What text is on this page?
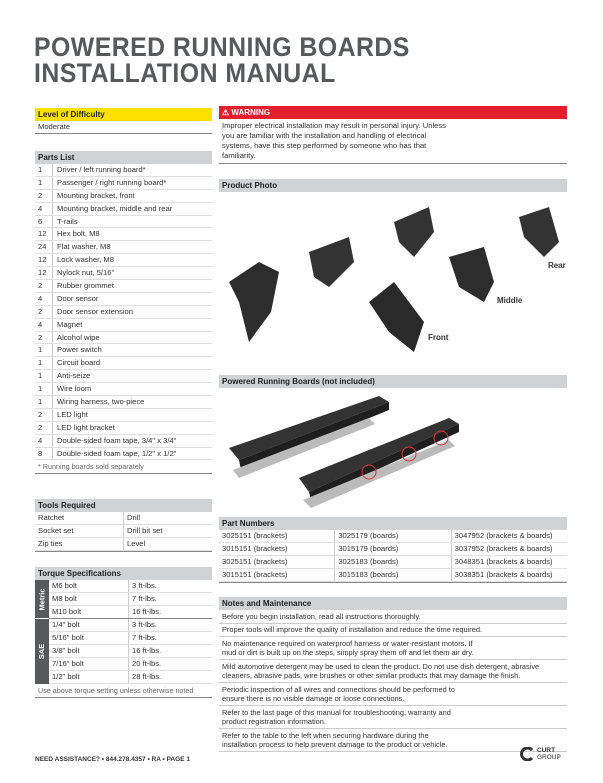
POWERED RUNNING BOARDS
INSTALLATION MANUAL
Level of Difficulty
Moderate
Parts List
1	Driver / left running board*
1	Passenger / right running board*
2	Mounting bracket, front
4	Mounting bracket, middle and rear
6	T-rails
12	Hex bolt, M8
24	Flat washer, M8
12	Lock washer, M8
12	Nylock nut, 5/16"
2	Rubber grommet
4	Door sensor
2	Door sensor extension
4	Magnet
2	Alcohol wipe
1	Power switch
1	Circuit board
1	Anti-seize
1	Wire loom
1	Wiring harness, two-piece
2	LED light
2	LED light bracket
4	Double-sided foam tape, 3/4" x 3/4"
8	Double-sided foam tape, 1/2" x 1/2"
* Running boards sold separately
Tools Required
Ratchet	Drill
Socket set	Drill bit set
Zip ties	Level
Torque Specifications
Metric
SAE
M6 bolt	3 ft-lbs.
M8 bolt	7 ft-lbs.
M10 bolt	16 ft-lbs.
1/4" bolt	3 ft-lbs.
5/16" bolt	7 ft-lbs.
3/8" bolt	16 ft-lbs.
7/16" bolt	20 ft-lbs.
1/2" bolt	28 ft-lbs.
Use above torque setting unless otherwise noted
⚠ WARNING
Improper electrical installation may result in personal injury. Unless you are familiar with the installation and handling of electrical systems, have this step performed by someone who has that familiarity.
Product Photo
Rear
Middle
Front
Powered Running Boards (not included)
Part Numbers
3025151 (brackets)	3025179 (boards)	3047952 (brackets & boards)
3015151 (brackets)	3015179 (boards)	3037952 (brackets & boards)
3025151 (brackets)	3025183 (boards)	3048351 (brackets & boards)
3015151 (brackets)	3015183 (boards)	3038351 (brackets & boards)
Notes and Maintenance
Before you begin installation, read all instructions thoroughly.
Proper tools will improve the quality of installation and reduce the time required.
No maintenance required on waterproof harness or water-resistant motors. If mud or dirt is built up on the steps, simply spray them off and let them air dry.
Mild automotive detergent may be used to clean the product. Do not use dish detergent, abrasive cleaners, abrasive pads, wire brushes or other similar products that may damage the finish.
Periodic inspection of all wires and connections should be performed to ensure there is no visible damage or loose connections.
Refer to the last page of this manual for troubleshooting, warranty and product registration information.
Refer to the table to the left when securing hardware during the installation process to help prevent damage to the product or vehicle.
NEED ASSISTANCE? • 844.278.4357 • RA • PAGE 1
CURT
GROUP
